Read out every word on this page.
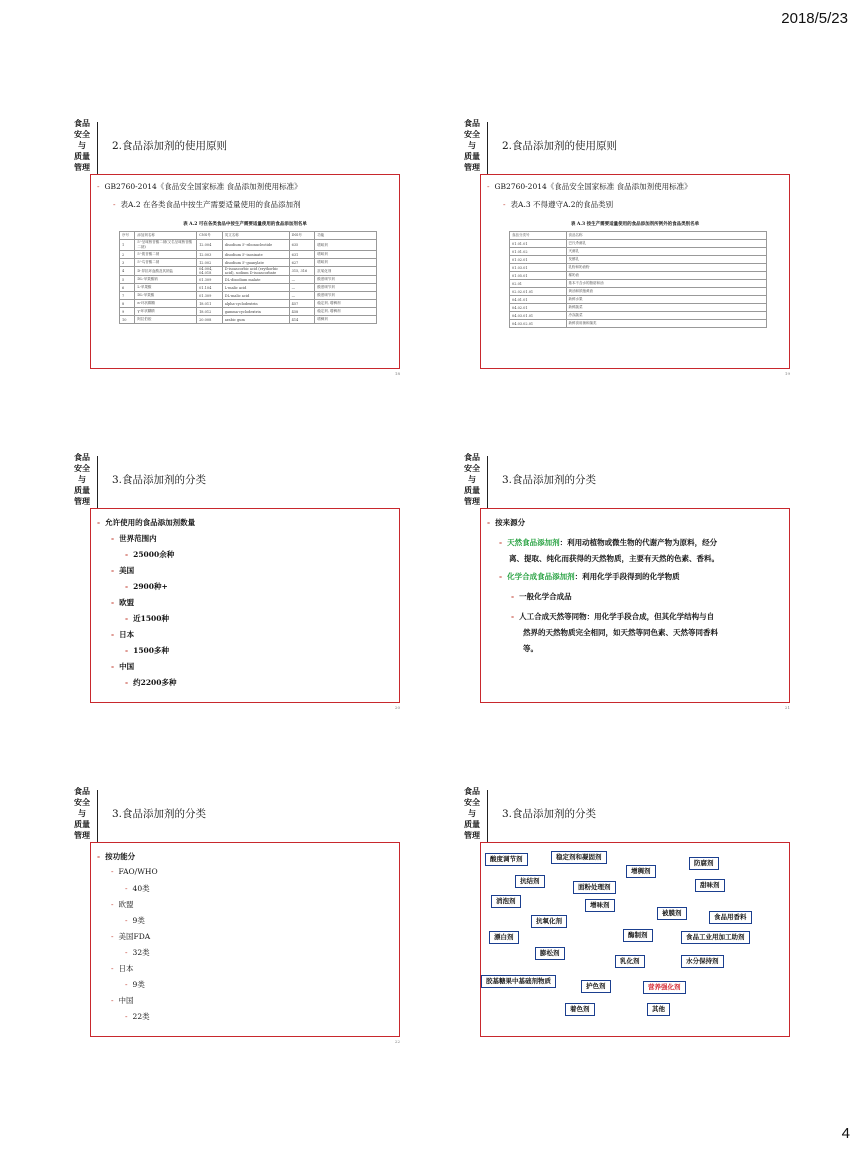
2018/5/23
食品
安全
与
质量
管理
2.食品添加剂的使用原则
- GB2760-2014《食品安全国家标准 食品添加剂使用标准》
- 表A.2 在各类食品中按生产需要适量使用的食品添加剂
表 A.2 可在各类食品中按生产需要适量使用的食品添加剂名单
序号	添加剂名称	CNS号	英文名称	INS号	功能
1	5'-呈味核苷酸二钠(又名呈味核苷酸二钠)	12.004	disodium 5'-ribonucleotide	635	增味剂
2	5'-肌苷酸二钠	12.003	disodium 5'-inosinate	631	增味剂
3	5'-鸟苷酸二钠	12.002	disodium 5'-guanylate	627	增味剂
4	D-异抗坏血酸及其钠盐	04.004, 04.018	D-isoascorbic acid (erythorbic acid), sodium D-isoascorbate	315, 316	抗氧化剂
5	DL-苹果酸钠	01.309	DL-disodium malate	—	酸度调节剂
6	L-苹果酸	01.104	L-malic acid	—	酸度调节剂
7	DL-苹果酸	01.309	DL-malic acid	—	酸度调节剂
8	α-环状糊精	18.011	alpha-cyclodextrin	457	稳定剂, 增稠剂
9	γ-环状糊精	18.012	gamma-cyclodextrin	458	稳定剂, 增稠剂
10	阿拉伯胶	20.008	arabic gum	414	增稠剂
18
食品
安全
与
质量
管理
2.食品添加剂的使用原则
- GB2760-2014《食品安全国家标准 食品添加剂使用标准》
- 表A.3 不得遵守A.2的食品类别
表 A.3 按生产需要适量使用的食品添加剂所例外的食品类别名单
食品分类号	食品名称
01.01.01	巴氏杀菌乳
01.01.02	灭菌乳
01.02.01	发酵乳
01.03.01	乳粉和奶油粉
01.05.01	稀奶油
02.01	基本不含水的脂肪和油
02.02.01.01	黄油和浓缩黄油
04.01.01	新鲜水果
04.02.01	新鲜蔬菜
04.03.01.01	冷冻蔬菜
04.03.02.01	新鲜食用菌和藻类
19
食品
安全
与
质量
管理
3.食品添加剂的分类
- 允许使用的食品添加剂数量
- 世界范围内
- 25000余种
- 美国
- 2900种+
- 欧盟
- 近1500种
- 日本
- 1500多种
- 中国
- 约2200多种
20
食品
安全
与
质量
管理
3.食品添加剂的分类
- 按来源分
- 天然食品添加剂：利用动植物或微生物的代谢产物为原料，经分
离、提取、纯化而获得的天然物质，主要有天然的色素、香料。
- 化学合成食品添加剂：利用化学手段得到的化学物质
- 一般化学合成品
- 人工合成天然等同物：用化学手段合成，但其化学结构与自
然界的天然物质完全相同，如天然等同色素、天然等同香料
等。
21
食品
安全
与
质量
管理
3.食品添加剂的分类
- 按功能分
- FAO/WHO
- 40类
- 欧盟
- 9类
- 美国FDA
- 32类
- 日本
- 9类
- 中国
- 22类
22
食品
安全
与
质量
管理
3.食品添加剂的分类
酸度调节剂	稳定剂和凝固剂
增稠剂
防腐剂
抗结剂
面粉处理剂	甜味剂
消泡剂	增味剂
被膜剂	食品用香料
抗氧化剂
漂白剂	酶制剂	食品工业用加工助剂
膨松剂
乳化剂	水分保持剂
胶基糖果中基础剂物质
护色剂	营养强化剂
着色剂	其他
4
